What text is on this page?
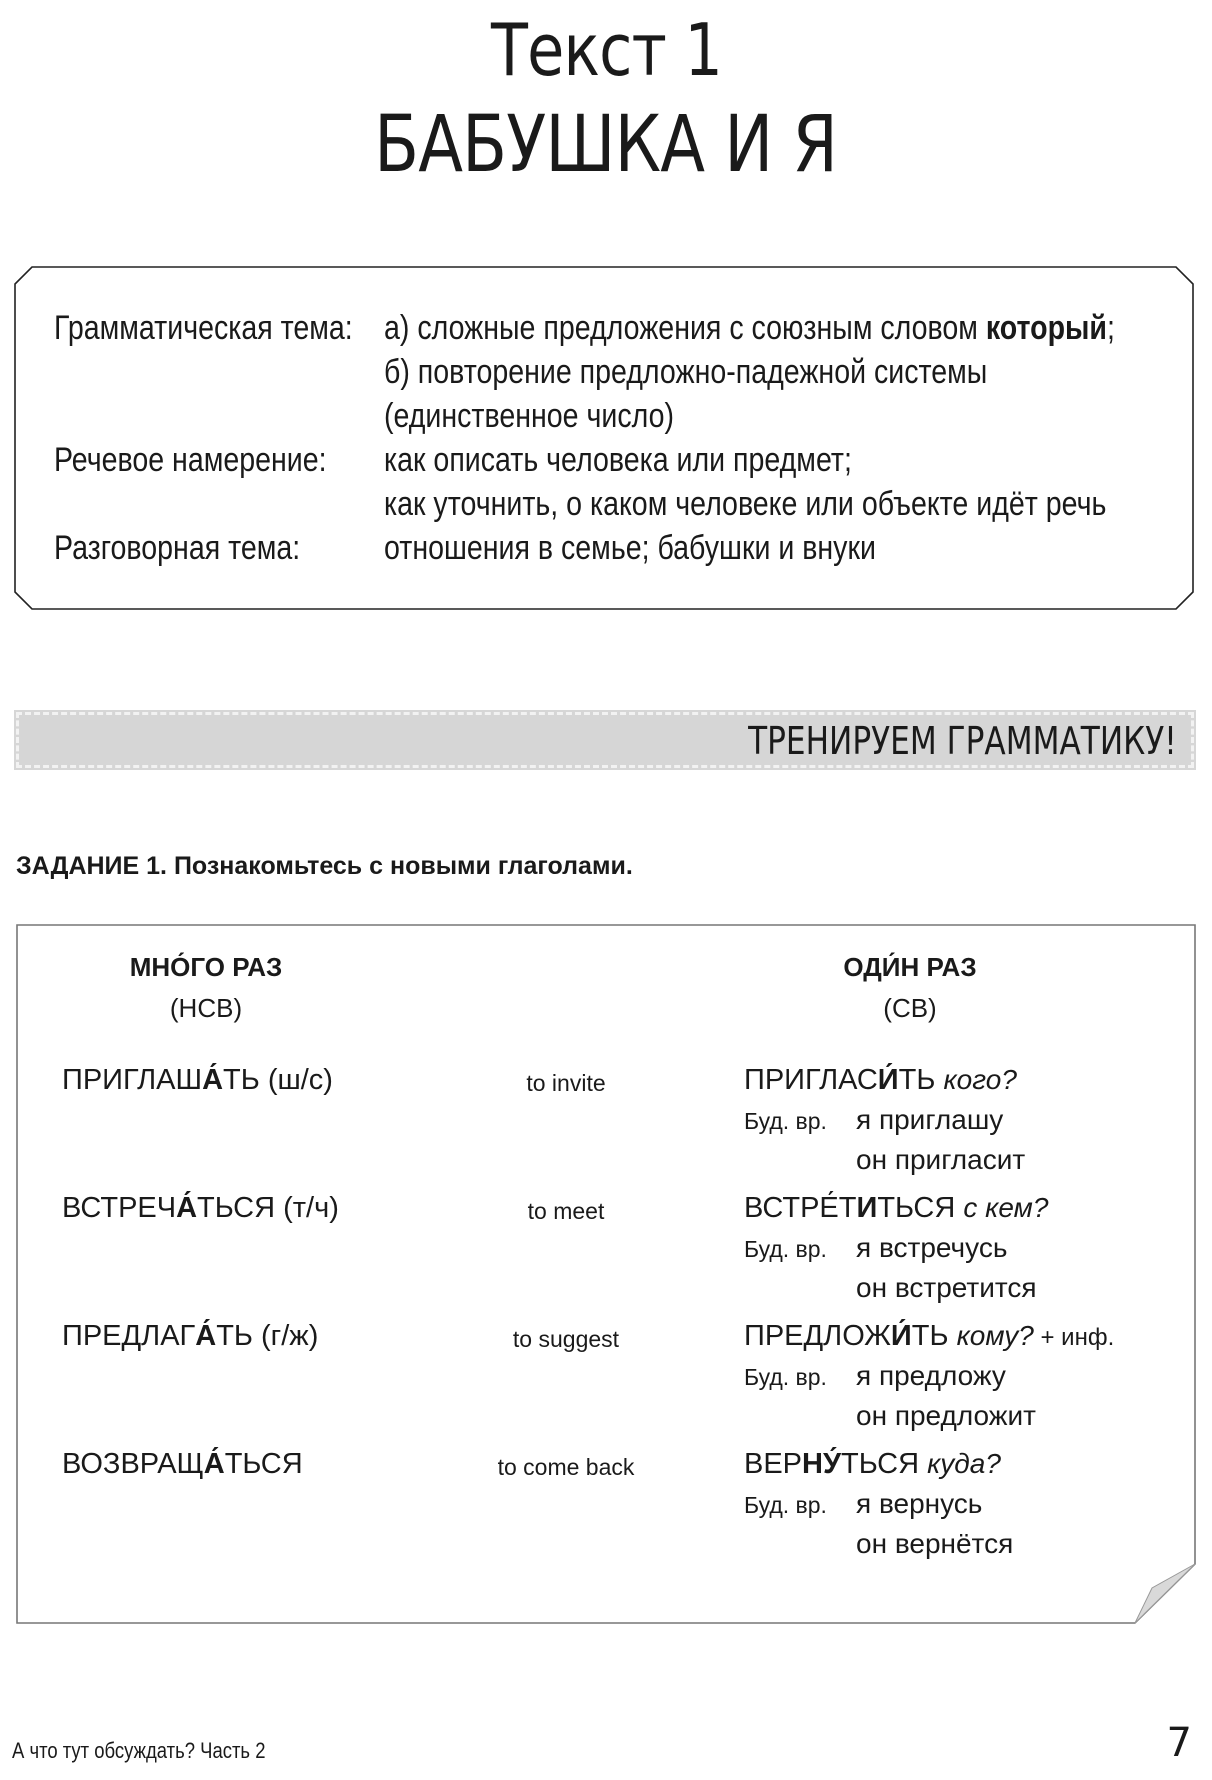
Текст 1
БАБУШКА И Я
Грамматическая тема: а) сложные предложения с союзным словом который;
б) повторение предложно-падежной системы
(единственное число)
Речевое намерение: как описать человека или предмет;
как уточнить, о каком человеке или объекте идёт речь
Разговорная тема: отношения в семье; бабушки и внуки
ТРЕНИРУЕМ ГРАММАТИКУ!
ЗАДАНИЕ 1. Познакомьтесь с новыми глаголами.
МНО́ГО РАЗ
(НСВ)
ОДИ́Н РАЗ
(СВ)
ПРИГЛАША́ТЬ (ш/с)	to invite	ПРИГЛАСИ́ТЬ кого?
Буд. вр. я приглашу
он пригласит
ВСТРЕЧА́ТЬСЯ (т/ч)	to meet	ВСТРЕ́ТИТЬСЯ с кем?
Буд. вр. я встречусь
он встретится
ПРЕДЛАГА́ТЬ (г/ж)	to suggest	ПРЕДЛОЖИ́ТЬ кому? + инф.
Буд. вр. я предложу
он предложит
ВОЗВРАЩА́ТЬСЯ	to come back	ВЕРНУ́ТЬСЯ куда?
Буд. вр. я вернусь
он вернётся
А что тут обсуждать? Часть 2	7
